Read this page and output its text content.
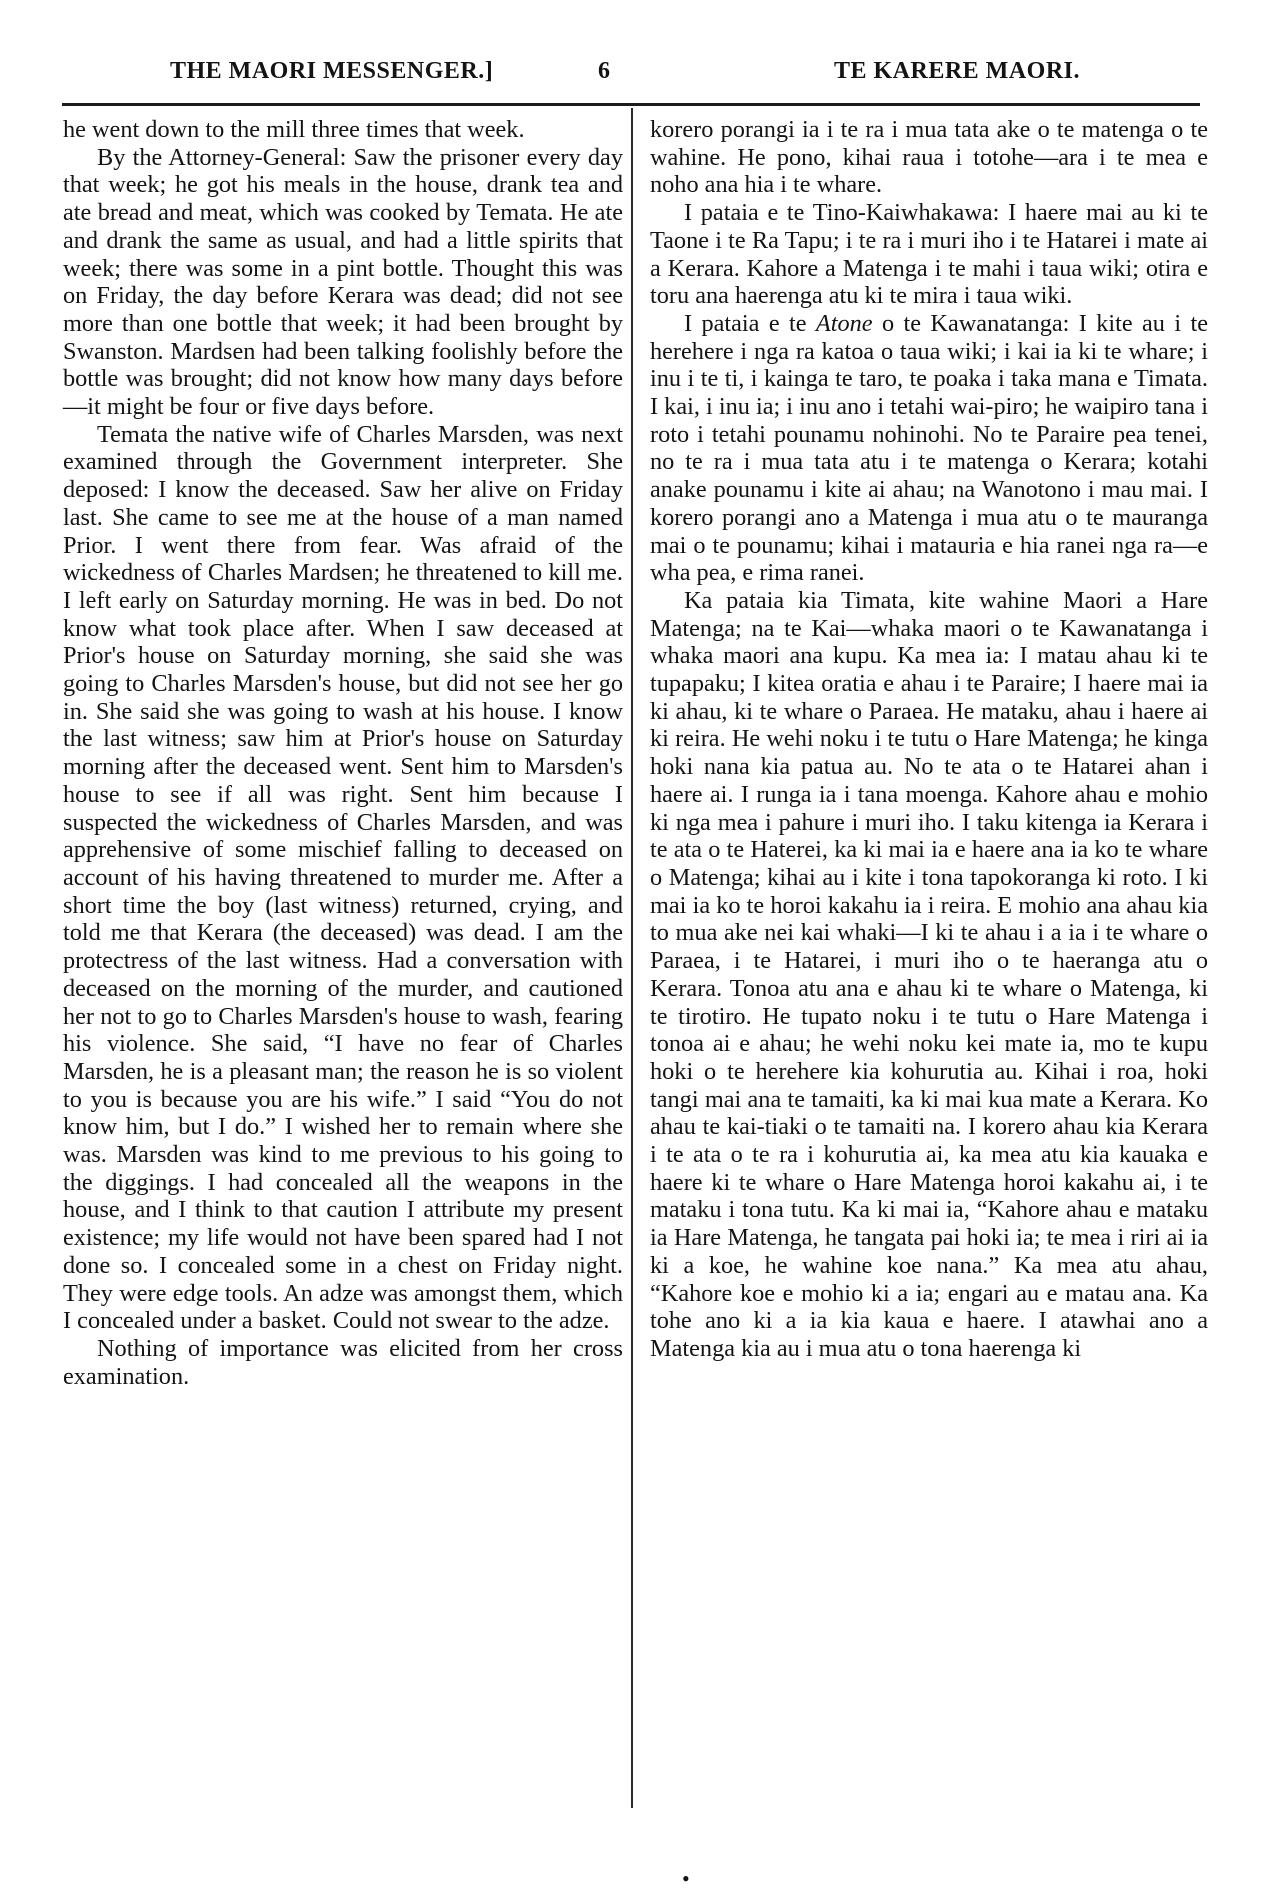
THE MAORI MESSENGER.]	6	TE KARERE MAORI.

he went down to the mill three times that week.

By the Attorney-General: Saw the prisoner every day that week; he got his meals in the house, drank tea and ate bread and meat, which was cooked by Temata. He ate and drank the same as usual, and had a little spirits that week; there was some in a pint bottle. Thought this was on Friday, the day before Kerara was dead; did not see more than one bottle that week; it had been brought by Swanston. Mardsen had been talking foolishly before the bottle was brought; did not know how many days before —it might be four or five days before.

Temata the native wife of Charles Marsden, was next examined through the Government interpreter. She deposed: I know the deceased. Saw her alive on Friday last. She came to see me at the house of a man named Prior. I went there from fear. Was afraid of the wickedness of Charles Mardsen; he threatened to kill me. I left early on Saturday morning. He was in bed. Do not know what took place after. When I saw deceased at Prior's house on Saturday morning, she said she was going to Charles Marsden's house, but did not see her go in. She said she was going to wash at his house. I know the last witness; saw him at Prior's house on Saturday morning after the deceased went. Sent him to Marsden's house to see if all was right. Sent him because I suspected the wickedness of Charles Marsden, and was apprehensive of some mischief falling to deceased on account of his having threatened to murder me. After a short time the boy (last witness) returned, crying, and told me that Kerara (the deceased) was dead. I am the protectress of the last witness. Had a conversation with deceased on the morning of the murder, and cautioned her not to go to Charles Marsden's house to wash, fearing his violence. She said, “I have no fear of Charles Marsden, he is a pleasant man; the reason he is so violent to you is because you are his wife.” I said “You do not know him, but I do.” I wished her to remain where she was. Marsden was kind to me previous to his going to the diggings. I had concealed all the weapons in the house, and I think to that caution I attribute my present existence; my life would not have been spared had I not done so. I concealed some in a chest on Friday night. They were edge tools. An adze was amongst them, which I concealed under a basket. Could not swear to the adze.

Nothing of importance was elicited from her cross examination.

korero porangi ia i te ra i mua tata ake o te matenga o te wahine. He pono, kihai raua i totohe—ara i te mea e noho ana hia i te whare.

I pataia e te Tino-Kaiwhakawa: I haere mai au ki te Taone i te Ra Tapu; i te ra i muri iho i te Hatarei i mate ai a Kerara. Kahore a Matenga i te mahi i taua wiki; otira e toru ana haerenga atu ki te mira i taua wiki.

I pataia e te Atone o te Kawanatanga: I kite au i te herehere i nga ra katoa o taua wiki; i kai ia ki te whare; i inu i te ti, i kainga te taro, te poaka i taka mana e Timata. I kai, i inu ia; i inu ano i tetahi wai-piro; he waipiro tana i roto i tetahi pounamu nohinohi. No te Paraire pea tenei, no te ra i mua tata atu i te matenga o Kerara; kotahi anake pounamu i kite ai ahau; na Wanotono i mau mai. I korero porangi ano a Matenga i mua atu o te mauranga mai o te pounamu; kihai i matauria e hia ranei nga ra—e wha pea, e rima ranei.

Ka pataia kia Timata, kite wahine Maori a Hare Matenga; na te Kai—whaka maori o te Kawanatanga i whaka maori ana kupu. Ka mea ia: I matau ahau ki te tupapaku; I kitea oratia e ahau i te Paraire; I haere mai ia ki ahau, ki te whare o Paraea. He mataku, ahau i haere ai ki reira. He wehi noku i te tutu o Hare Matenga; he kinga hoki nana kia patua au. No te ata o te Hatarei ahan i haere ai. I runga ia i tana moenga. Kahore ahau e mohio ki nga mea i pahure i muri iho. I taku kitenga ia Kerara i te ata o te Haterei, ka ki mai ia e haere ana ia ko te whare o Matenga; kihai au i kite i tona tapokoranga ki roto. I ki mai ia ko te horoi kakahu ia i reira. E mohio ana ahau kia to mua ake nei kai whaki—I ki te ahau i a ia i te whare o Paraea, i te Hatarei, i muri iho o te haeranga atu o Kerara. Tonoa atu ana e ahau ki te whare o Matenga, ki te tirotiro. He tupato noku i te tutu o Hare Matenga i tonoa ai e ahau; he wehi noku kei mate ia, mo te kupu hoki o te herehere kia kohurutia au. Kihai i roa, hoki tangi mai ana te tamaiti, ka ki mai kua mate a Kerara. Ko ahau te kai-tiaki o te tamaiti na. I korero ahau kia Kerara i te ata o te ra i kohurutia ai, ka mea atu kia kauaka e haere ki te whare o Hare Matenga horoi kakahu ai, i te mataku i tona tutu. Ka ki mai ia, “Kahore ahau e mataku ia Hare Matenga, he tangata pai hoki ia; te mea i riri ai ia ki a koe, he wahine koe nana.” Ka mea atu ahau, “Kahore koe e mohio ki a ia; engari au e matau ana. Ka tohe ano ki a ia kia kaua e haere. I atawhai ano a Matenga kia au i mua atu o tona haerenga ki

•
